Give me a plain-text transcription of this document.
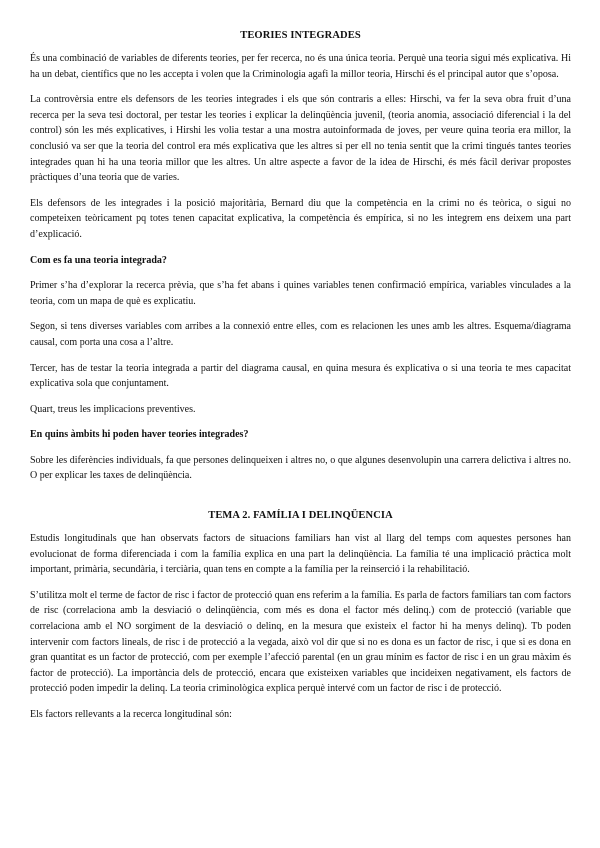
TEORIES INTEGRADES

És una combinació de variables de diferents teories, per fer recerca, no és una única teoria. Perquè una teoria sigui més explicativa. Hi ha un debat, científics que no les accepta i volen que la Criminologia agafi la millor teoria, Hirschi és el principal autor que s’oposa.

La controvèrsia entre els defensors de les teories integrades i els que són contraris a elles: Hirschi, va fer la seva obra fruit d’una recerca per la seva tesi doctoral, per testar les teories i explicar la delinqüència juvenil, (teoria anomia, associació diferencial i la del control) són les més explicatives, i Hirshi les volia testar a una mostra autoinformada de joves, per veure quina teoria era millor, la conclusió va ser que la teoria del control era més explicativa que les altres si per ell no tenia sentit que la crimi tingués tantes teories integrades quan hi ha una teoria millor que les altres. Un altre aspecte a favor de la idea de Hirschi, és més fàcil derivar propostes pràctiques d’una teoria que de varies.

Els defensors de les integrades i la posició majoritària, Bernard diu que la competència en la crimi no és teòrica, o sigui no competeixen teòricament pq totes tenen capacitat explicativa, la competència és empírica, si no les integrem ens deixem una part d’explicació.

Com es fa una teoria integrada?

Primer s’ha d’explorar la recerca prèvia, que s’ha fet abans i quines variables tenen confirmació empírica, variables vinculades a la teoria, com un mapa de què es explicatiu.

Segon, si tens diverses variables com arribes a la connexió entre elles, com es relacionen les unes amb les altres. Esquema/diagrama causal, com porta una cosa a l’altre.

Tercer, has de testar la teoria integrada a partir del diagrama causal, en quina mesura és explicativa o si una teoria te mes capacitat explicativa sola que conjuntament.

Quart, treus les implicacions preventives.

En quins àmbits hi poden haver teories integrades?

Sobre les diferències individuals, fa que persones delinqueixen i altres no, o que algunes desenvolupin una carrera delictiva i altres no. O per explicar les taxes de delinqüència.

TEMA 2. FAMÍLIA I DELINQÜENCIA

Estudis longitudinals que han observats factors de situacions familiars han vist al llarg del temps com aquestes persones han evolucionat de forma diferenciada i com la família explica en una part la delinqüència. La família té una implicació pràctica molt important, primària, secundària, i terciària, quan tens en compte a la família per la reinserció i la rehabilitació.

S’utilitza molt el terme de factor de risc i factor de protecció quan ens referim a la família. Es parla de factors familiars tan com factors de risc (correlaciona amb la desviació o delinqüència, com més es dona el factor més delinq.) com de protecció (variable que correlaciona amb el NO sorgiment de la desviació o delinq, en la mesura que existeix el factor hi ha menys delinq). Tb poden intervenir com factors lineals, de risc i de protecció a la vegada, això vol dir que si no es dona es un factor de risc, i que si es dona en gran quantitat es un factor de protecció, com per exemple l’afecció parental (en un grau mínim es factor de risc i en un grau màxim és factor de protecció). La importància dels de protecció, encara que existeixen variables que incideixen negativament, els factors de protecció poden impedir la delinq. La teoria criminològica explica perquè intervé com un factor de risc i de protecció.

Els factors rellevants a la recerca longitudinal són:
